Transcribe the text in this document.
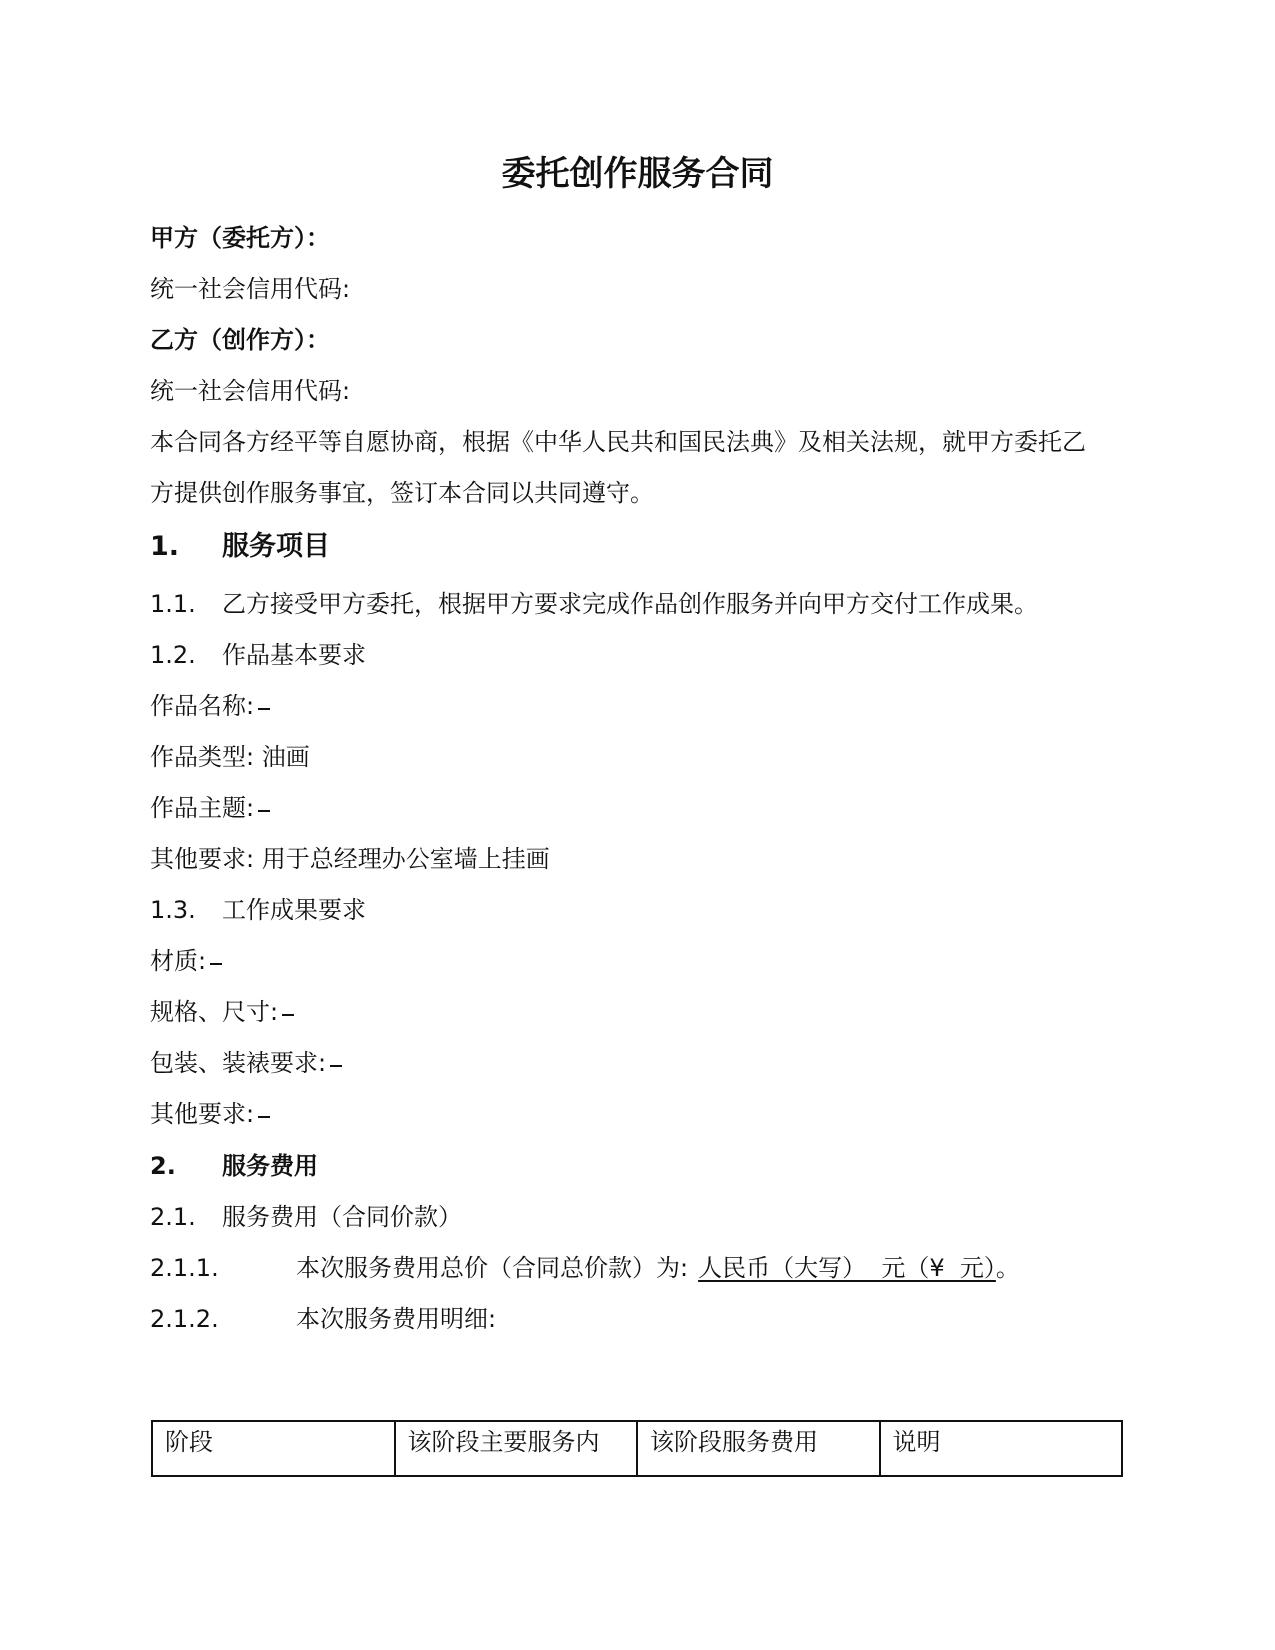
委托创作服务合同
甲方（委托方）：
统一社会信用代码:
乙方（创作方）：
统一社会信用代码:
本合同各方经平等自愿协商，根据《中华人民共和国民法典》及相关法规，就甲方委托乙
方提供创作服务事宜，签订本合同以共同遵守。
1. 服务项目
1.1. 乙方接受甲方委托，根据甲方要求完成作品创作服务并向甲方交付工作成果。
1.2. 作品基本要求
作品名称:
作品类型: 油画
作品主题:
其他要求: 用于总经理办公室墙上挂画
1.3. 工作成果要求
材质:
规格、尺寸:
包装、装裱要求:
其他要求:
2. 服务费用
2.1. 服务费用（合同价款）
2.1.1.	本次服务费用总价（合同总价款）为: 人民币（大写）  元（¥  元）。
2.1.2.	本次服务费用明细:
阶段	该阶段主要服务内	该阶段服务费用	说明
